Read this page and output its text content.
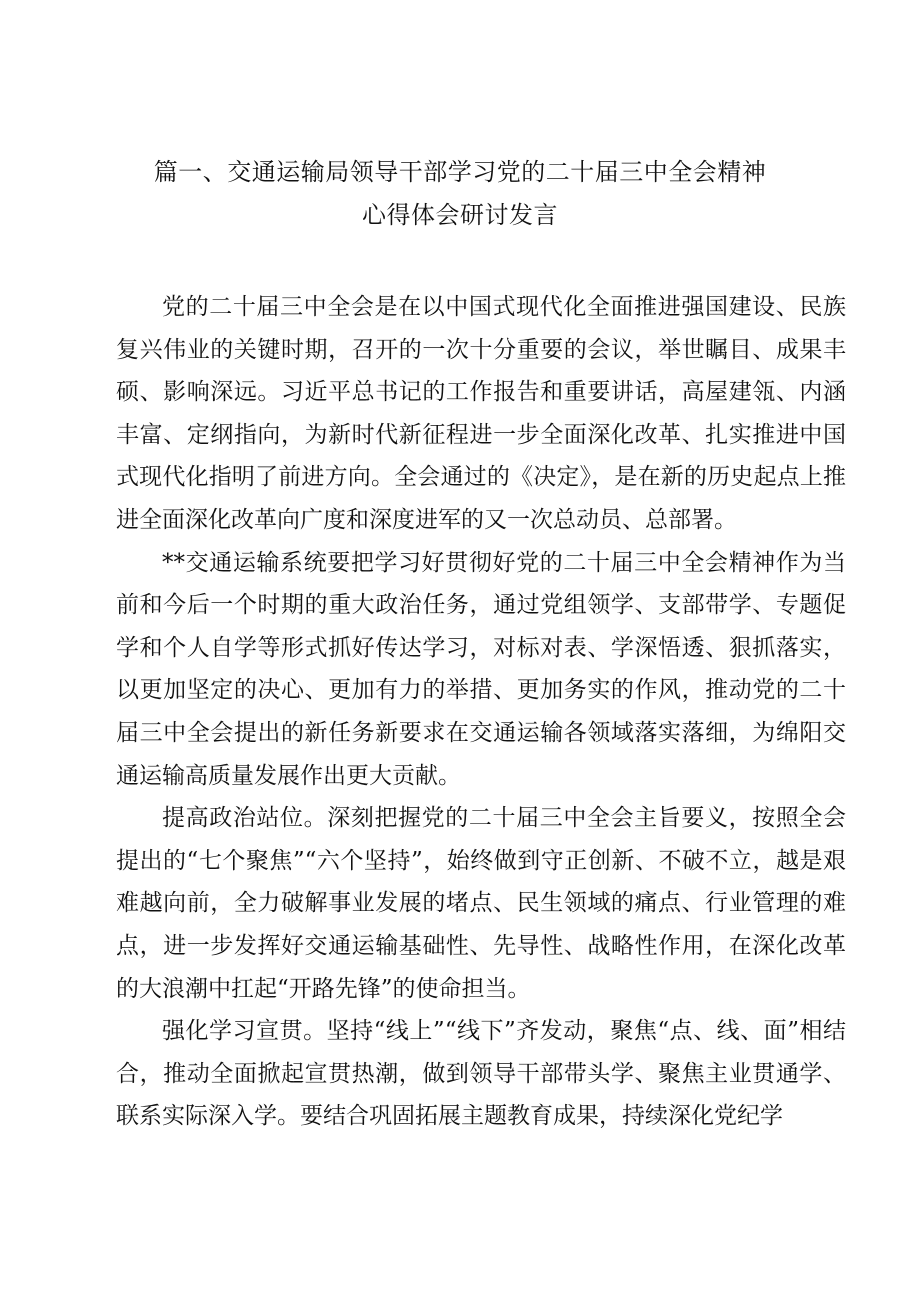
篇一、交通运输局领导干部学习党的二十届三中全会精神
心得体会研讨发言

党的二十届三中全会是在以中国式现代化全面推进强国建设、民族复兴伟业的关键时期，召开的一次十分重要的会议，举世瞩目、成果丰硕、影响深远。习近平总书记的工作报告和重要讲话，高屋建瓴、内涵丰富、定纲指向，为新时代新征程进一步全面深化改革、扎实推进中国式现代化指明了前进方向。全会通过的《决定》，是在新的历史起点上推进全面深化改革向广度和深度进军的又一次总动员、总部署。

**交通运输系统要把学习好贯彻好党的二十届三中全会精神作为当前和今后一个时期的重大政治任务，通过党组领学、支部带学、专题促学和个人自学等形式抓好传达学习，对标对表、学深悟透、狠抓落实，以更加坚定的决心、更加有力的举措、更加务实的作风，推动党的二十届三中全会提出的新任务新要求在交通运输各领域落实落细，为绵阳交通运输高质量发展作出更大贡献。

提高政治站位。深刻把握党的二十届三中全会主旨要义，按照全会提出的“七个聚焦”“六个坚持”，始终做到守正创新、不破不立，越是艰难越向前，全力破解事业发展的堵点、民生领域的痛点、行业管理的难点，进一步发挥好交通运输基础性、先导性、战略性作用，在深化改革的大浪潮中扛起“开路先锋”的使命担当。

强化学习宣贯。坚持“线上”“线下”齐发动，聚焦“点、线、面”相结合，推动全面掀起宣贯热潮，做到领导干部带头学、聚焦主业贯通学、联系实际深入学。要结合巩固拓展主题教育成果，持续深化党纪学
